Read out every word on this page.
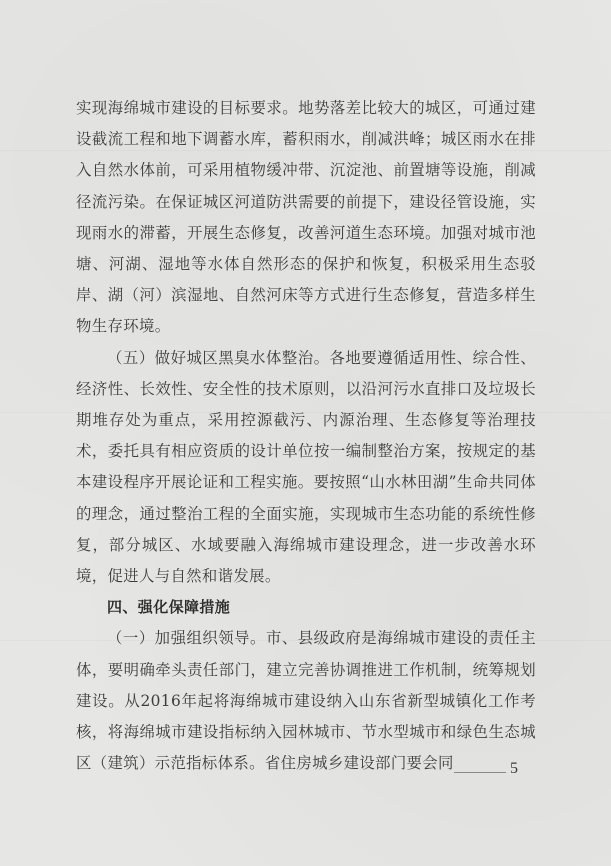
实现海绵城市建设的目标要求。地势落差比较大的城区，可通过建设截流工程和地下调蓄水库，蓄积雨水，削减洪峰；城区雨水在排入自然水体前，可采用植物缓冲带、沉淀池、前置塘等设施，削减径流污染。在保证城区河道防洪需要的前提下，建设径管设施，实现雨水的滞蓄，开展生态修复，改善河道生态环境。加强对城市池塘、河湖、湿地等水体自然形态的保护和恢复，积极采用生态驳岸、湖（河）滨湿地、自然河床等方式进行生态修复，营造多样生物生存环境。

（五）做好城区黑臭水体整治。各地要遵循适用性、综合性、经济性、长效性、安全性的技术原则，以沿河污水直排口及垃圾长期堆存处为重点，采用控源截污、内源治理、生态修复等治理技术，委托具有相应资质的设计单位按一编制整治方案，按规定的基本建设程序开展论证和工程实施。要按照“山水林田湖”生命共同体的理念，通过整治工程的全面实施，实现城市生态功能的系统性修复，部分城区、水域要融入海绵城市建设理念，进一步改善水环境，促进人与自然和谐发展。

四、强化保障措施

（一）加强组织领导。市、县级政府是海绵城市建设的责任主体，要明确牵头责任部门，建立完善协调推进工作机制，统筹规划建设。从2016年起将海绵城市建设纳入山东省新型城镇化工作考核，将海绵城市建设指标纳入园林城市、节水型城市和绿色生态城区（建筑）示范指标体系。省住房城乡建设部门要会同	5
